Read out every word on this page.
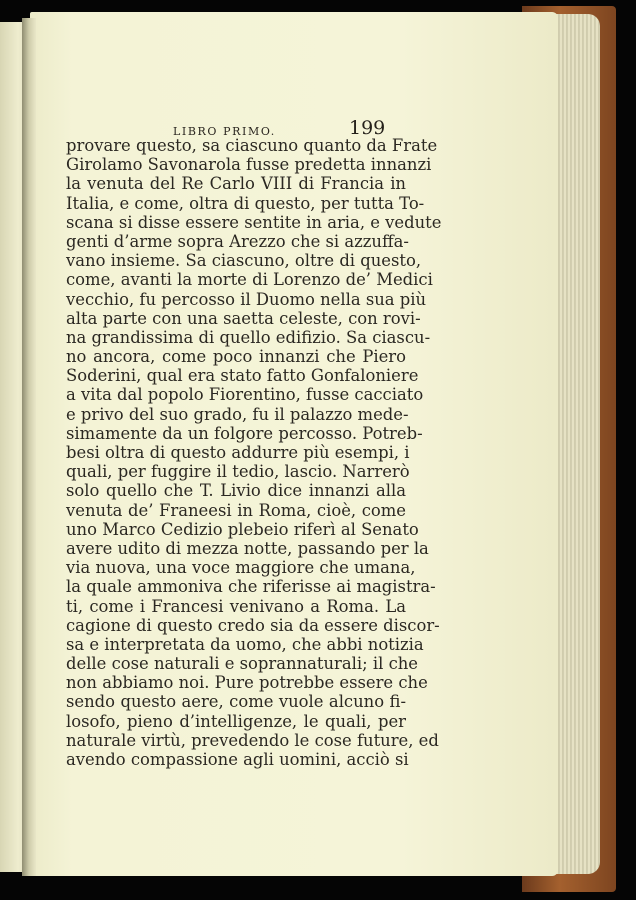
LIBRO PRIMO.	199
provare questo, sa ciascuno quanto da Frate
Girolamo Savonarola fusse predetta innanzi
la venuta del Re Carlo VIII di Francia in
Italia, e come, oltra di questo, per tutta To-
scana si disse essere sentite in aria, e vedute
genti d’arme sopra Arezzo che si azzuffa-
vano insieme. Sa ciascuno, oltre di questo,
come, avanti la morte di Lorenzo de’ Medici
vecchio, fu percosso il Duomo nella sua più
alta parte con una saetta celeste, con rovi-
na grandissima di quello edifizio. Sa ciascu-
no ancora, come poco innanzi che Piero
Soderini, qual era stato fatto Gonfaloniere
a vita dal popolo Fiorentino, fusse cacciato
e privo del suo grado, fu il palazzo mede-
simamente da un folgore percosso. Potreb-
besi oltra di questo addurre più esempi, i
quali, per fuggire il tedio, lascio. Narrerò
solo quello che T. Livio dice innanzi alla
venuta de’ Franeesi in Roma, cioè, come
uno Marco Cedizio plebeio riferì al Senato
avere udito di mezza notte, passando per la
via nuova, una voce maggiore che umana,
la quale ammoniva che riferisse ai magistra-
ti, come i Francesi venivano a Roma. La
cagione di questo credo sia da essere discor-
sa e interpretata da uomo, che abbi notizia
delle cose naturali e soprannaturali; il che
non abbiamo noi. Pure potrebbe essere che
sendo questo aere, come vuole alcuno fi-
losofo, pieno d’intelligenze, le quali, per
naturale virtù, prevedendo le cose future, ed
avendo compassione agli uomini, acciò si
